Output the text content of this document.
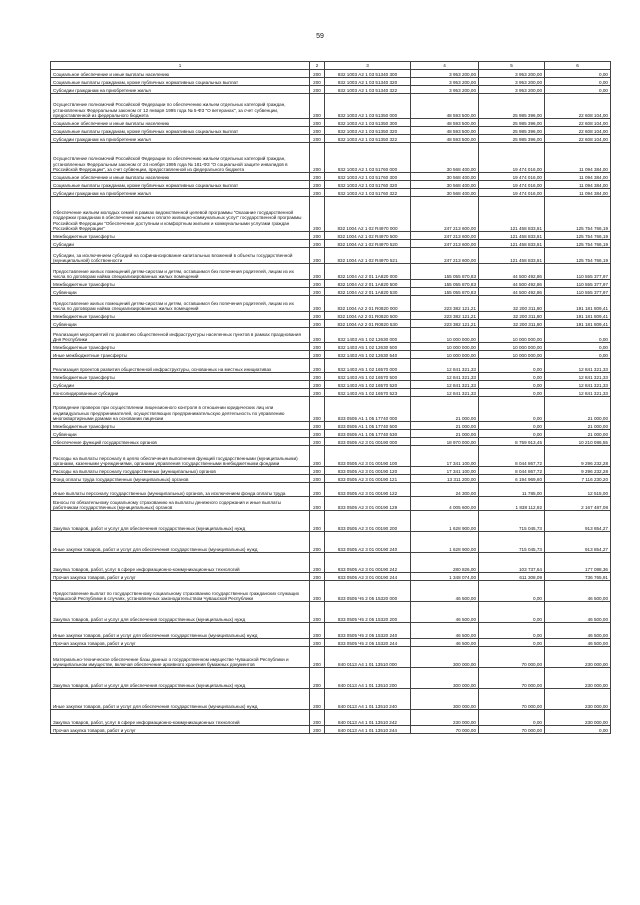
59
1	2	3	4	5	6
Социальное обеспечение и иные выплаты населению	200	832 1003 А2 1 03 51340 300	3 953 200,00	3 953 200,00	0,00
Социальные выплаты гражданам, кроме публичных нормативных социальных выплат	200	832 1003 А2 1 03 51340 320	3 953 200,00	3 953 200,00	0,00
Субсидии гражданам на приобретение жилья	200	832 1003 А2 1 03 51340 322	3 953 200,00	3 953 200,00	0,00
Осуществление полномочий Российской Федерации по обеспечению жильем отдельных категорий граждан, установленных Федеральным законом от 12 января 1995 года № 5-ФЗ "О ветеранах", за счет субвенции, предоставленной из федерального бюджета	200	832 1003 А2 1 03 51350 000	48 593 500,00	25 985 396,00	22 608 104,00
Социальное обеспечение и иные выплаты населению	200	832 1003 А2 1 03 51350 300	48 593 500,00	25 985 396,00	22 608 104,00
Социальные выплаты гражданам, кроме публичных нормативных социальных выплат	200	832 1003 А2 1 03 51350 320	48 593 500,00	25 985 396,00	22 608 104,00
Субсидии гражданам на приобретение жилья	200	832 1003 А2 1 03 51350 322	48 593 500,00	25 985 396,00	22 608 104,00
Осуществление полномочий Российской Федерации по обеспечению жильем отдельных категорий граждан, установленных Федеральным законом от 24 ноября 1995 года № 181-ФЗ "О социальной защите инвалидов в Российской Федерации", за счет субвенции, предоставленной из федерального бюджета	200	832 1003 А2 1 03 51760 000	30 568 400,00	19 474 016,00	11 094 384,00
Социальное обеспечение и иные выплаты населению	200	832 1003 А2 1 03 51760 300	30 568 400,00	19 474 016,00	11 094 384,00
Социальные выплаты гражданам, кроме публичных нормативных социальных выплат	200	832 1003 А2 1 03 51760 320	30 568 400,00	19 474 016,00	11 094 384,00
Субсидии гражданам на приобретение жилья	200	832 1003 А2 1 03 51760 322	30 568 400,00	19 474 016,00	11 094 384,00
Обеспечение жильем молодых семей в рамках ведомственной целевой программы "Оказание государственной поддержки гражданам в обеспечении жильем и оплате жилищно-коммунальных услуг" государственной программы Российской Федерации "Обеспечение доступным и комфортным жильем и коммунальными услугами граждан Российской Федерации"	200	832 1004 А2 1 02 R4970 000	247 213 600,00	121 458 833,81	125 754 766,19
Межбюджетные трансферты	200	832 1004 А2 1 02 R4970 500	247 213 600,00	121 458 833,81	125 754 766,19
Субсидии	200	832 1004 А2 1 02 R4970 520	247 213 600,00	121 458 833,81	125 754 766,19
Субсидии, за исключением субсидий на софинансирование капитальных вложений в объекты государственной (муниципальной) собственности	200	832 1004 А2 1 02 R4970 521	247 213 600,00	121 458 833,81	125 754 766,19
Предоставление жилых помещений детям-сиротам и детям, оставшимся без попечения родителей, лицам из их числа по договорам найма специализированных жилых помещений	200	832 1004 А2 2 01 1А820 000	155 055 870,83	44 500 492,86	110 555 377,97
Межбюджетные трансферты	200	832 1004 А2 2 01 1А820 500	155 055 870,83	44 500 492,86	110 555 377,97
Субвенции	200	832 1004 А2 2 01 1А820 530	155 055 870,83	44 500 492,86	110 555 377,97
Предоставление жилых помещений детям-сиротам и детям, оставшимся без попечения родителей, лицам из их числа по договорам найма специализированных жилых помещений	200	832 1004 А2 2 01 R0820 000	223 382 121,21	32 200 311,80	191 181 809,41
Межбюджетные трансферты	200	832 1004 А2 2 01 R0820 500	223 382 121,21	32 200 311,80	191 181 809,41
Субвенции	200	832 1004 А2 2 01 R0820 530	223 382 121,21	32 200 311,80	191 181 809,41
Реализация мероприятий по развитию общественной инфраструктуры населенных пунктов в рамках празднования Дня Республики	200	832 1403 А5 1 02 12630 000	10 000 000,00	10 000 000,00	0,00
Межбюджетные трансферты	200	832 1403 А5 1 02 12630 500	10 000 000,00	10 000 000,00	0,00
Иные межбюджетные трансферты	200	832 1403 А5 1 02 12630 540	10 000 000,00	10 000 000,00	0,00
Реализация проектов развития общественной инфраструктуры, основанных на местных инициативах	200	832 1403 А5 1 02 16570 000	12 841 321,33	0,00	12 841 321,33
Межбюджетные трансферты	200	832 1403 А5 1 02 16570 500	12 841 321,33	0,00	12 841 321,33
Субсидии	200	832 1403 А5 1 02 16570 520	12 841 321,33	0,00	12 841 321,33
Консолидированные субсидии	200	832 1403 А5 1 02 16570 523	12 841 321,33	0,00	12 841 321,33
Проведение проверок при осуществлении лицензионного контроля в отношении юридических лиц или индивидуальных предпринимателей, осуществляющих предпринимательскую деятельность по управлению многоквартирными домами на основании лицензии	200	833 0505 А1 1 05 17740 000	21 000,00	0,00	21 000,00
Межбюджетные трансферты	200	833 0505 А1 1 05 17740 500	21 000,00	0,00	21 000,00
Субвенции	200	833 0505 А1 1 05 17740 530	21 000,00	0,00	21 000,00
Обеспечение функций государственных органов	200	833 0505 А2 3 01 00190 000	18 970 000,00	8 759 913,45	10 210 086,55
Расходы на выплаты персоналу в целях обеспечения выполнения функций государственными (муниципальными) органами, казенными учреждениями, органами управления государственными внебюджетными фондами	200	833 0505 А2 3 01 00190 100	17 341 100,00	8 044 867,72	9 296 232,28
Расходы на выплаты персоналу государственных (муниципальных) органов	200	833 0505 А2 3 01 00190 120	17 341 100,00	8 044 867,72	9 296 232,28
Фонд оплаты труда государственных (муниципальных) органов	200	833 0505 А2 3 01 00190 121	13 311 200,00	6 194 969,60	7 116 230,20
Иные выплаты персоналу государственных (муниципальных) органов, за исключением фонда оплаты труда	200	833 0505 А2 3 01 00190 122	24 300,00	11 785,00	12 515,00
Взносы по обязательному социальному страхованию на выплаты денежного содержания и иные выплаты работникам государственных (муниципальных) органов	200	833 0505 А2 3 01 00190 129	4 005 600,00	1 838 112,92	2 167 487,08
Закупка товаров, работ и услуг для обеспечения государственных (муниципальных) нужд	200	833 0505 А2 3 01 00190 200	1 628 900,00	715 045,73	913 854,27
Иные закупки товаров, работ и услуг для обеспечения государственных (муниципальных) нужд	200	833 0505 А2 3 01 00190 240	1 628 900,00	715 045,73	913 854,27
Закупка товаров, работ, услуг в сфере информационно-коммуникационных технологий	200	833 0505 А2 3 01 00190 242	280 826,00	103 737,64	177 088,36
Прочая закупка товаров, работ и услуг	200	833 0505 А2 3 01 00190 244	1 348 074,00	611 308,09	736 765,91
Предоставление выплат по государственному социальному страхованию государственных гражданских служащих Чувашской Республики в случаях, установленных законодательством Чувашской Республики	200	833 0505 Ч5 2 05 15320 000	46 500,00	0,00	46 500,00
Закупка товаров, работ и услуг для обеспечения государственных (муниципальных) нужд	200	833 0505 Ч5 2 05 15320 200	46 500,00	0,00	46 500,00
Иные закупки товаров, работ и услуг для обеспечения государственных (муниципальных) нужд	200	833 0505 Ч5 2 05 15320 240	46 500,00	0,00	46 500,00
Прочая закупка товаров, работ и услуг	200	833 0505 Ч5 2 05 15320 244	46 500,00	0,00	46 500,00
Материально-техническое обеспечение базы данных о государственном имуществе Чувашской Республики и муниципальном имуществе, включая обеспечение архивного хранения бумажных документов	200	840 0113 А4 1 01 13510 000	300 000,00	70 000,00	230 000,00
Закупка товаров, работ и услуг для обеспечения государственных (муниципальных) нужд	200	840 0113 А4 1 01 13510 200	300 000,00	70 000,00	230 000,00
Иные закупки товаров, работ и услуг для обеспечения государственных (муниципальных) нужд	200	840 0113 А4 1 01 13510 240	300 000,00	70 000,00	230 000,00
Закупка товаров, работ, услуг в сфере информационно-коммуникационных технологий	200	840 0113 А4 1 01 13510 242	230 000,00	0,00	230 000,00
Прочая закупка товаров, работ и услуг	200	840 0113 А4 1 01 13510 244	70 000,00	70 000,00	0,00
